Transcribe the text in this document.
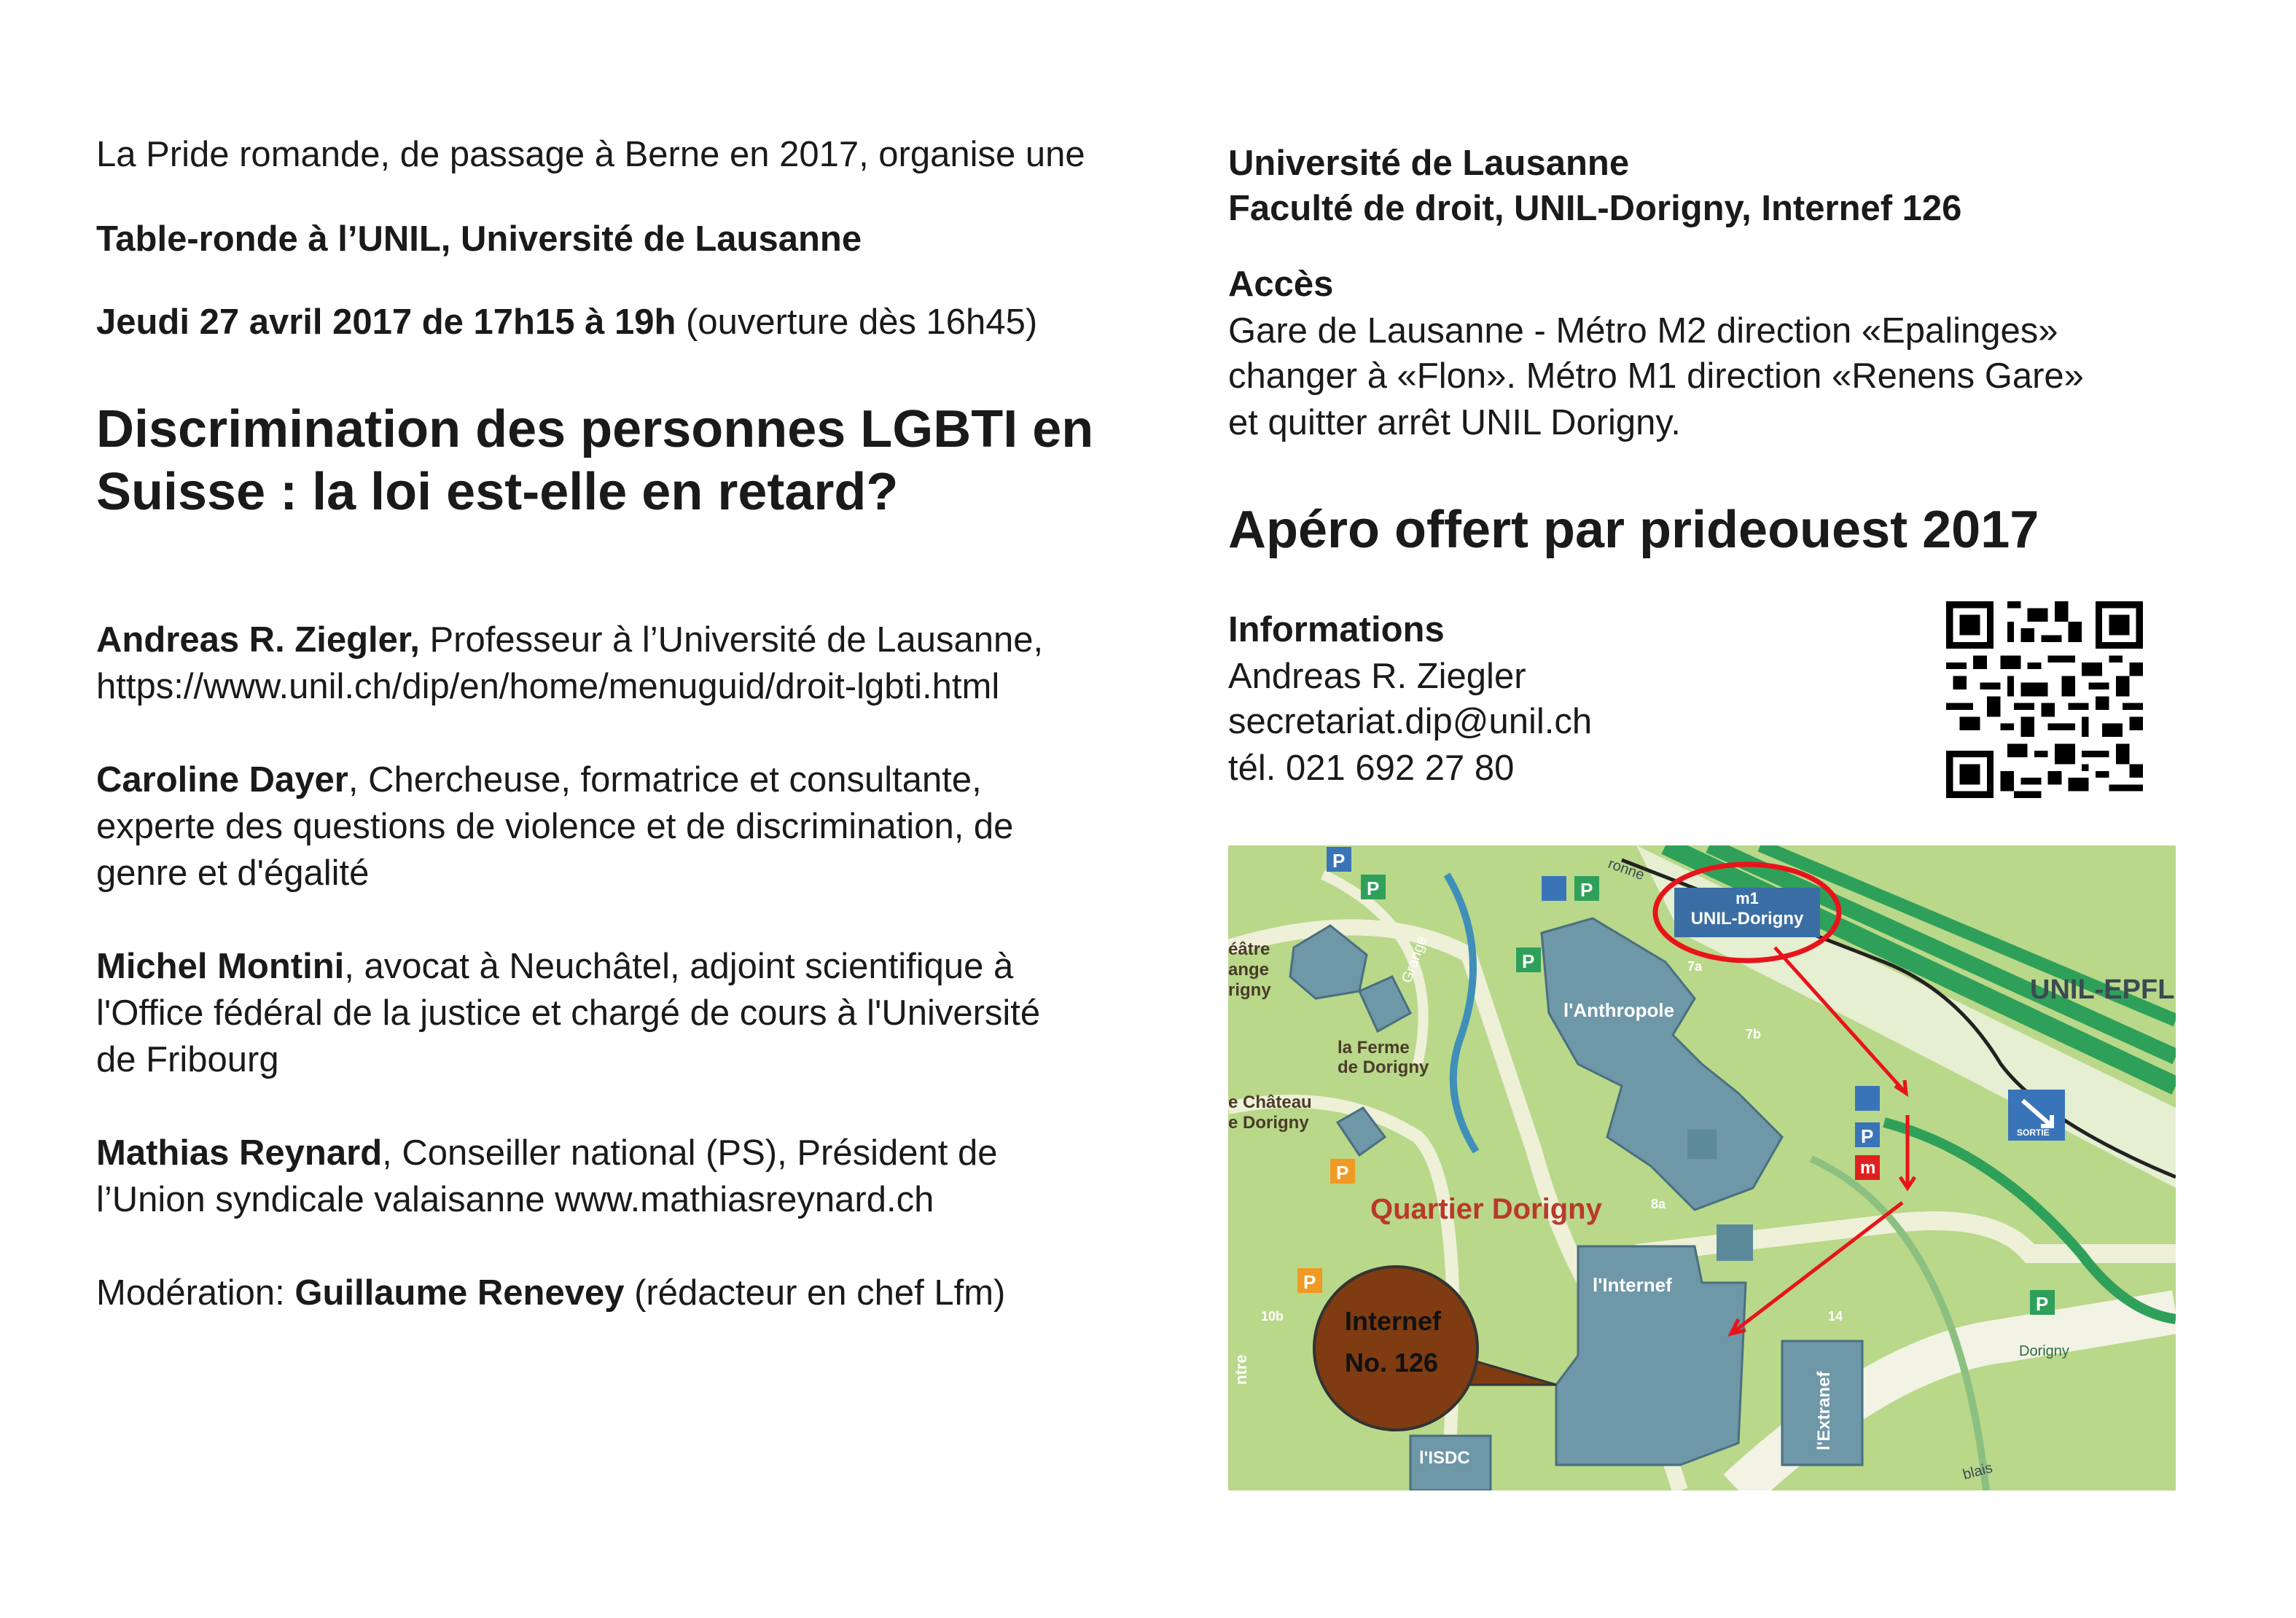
La Pride romande, de passage à Berne en 2017, organise une
Table-ronde à l’UNIL, Université de Lausanne
Jeudi 27 avril 2017 de 17h15 à 19h (ouverture dès 16h45)
Discrimination des personnes LGBTI en
Suisse : la loi est-elle en retard?
Andreas R. Ziegler, Professeur à l’Université de Lausanne,
https://www.unil.ch/dip/en/home/menuguid/droit-lgbti.html
Caroline Dayer, Chercheuse, formatrice et consultante,
experte des questions de violence et de discrimination, de
genre et d'égalité
Michel Montini, avocat à Neuchâtel, adjoint scientifique à
l'Office fédéral de la justice et chargé de cours à l'Université
de Fribourg
Mathias Reynard, Conseiller national (PS), Président de
l’Union syndicale valaisanne www.mathiasreynard.ch
Modération: Guillaume Renevey (rédacteur en chef Lfm)
Université de Lausanne
Faculté de droit, UNIL-Dorigny, Internef 126
Accès
Gare de Lausanne - Métro M2 direction «Epalinges»
changer à «Flon». Métro M1 direction «Renens Gare»
et quitter arrêt UNIL Dorigny.
Apéro offert par prideouest 2017
Informations
Andreas R. Ziegler
secretariat.dip@unil.ch
tél. 021 692 27 80
m1
UNIL-Dorigny
UNIL-EPFL
l'Anthropole
la Ferme
de Dorigny
e Château
e Dorigny
éâtre
ange
rigny
Quartier Dorigny
l'Internef
l'ISDC
Dorigny
SORTIE
Internef
No. 126
Grange
ronne
blais
ntre
l'Extranef
7a
7b
8a
10b	14
P
P	P
P
P
P
P
P
m
